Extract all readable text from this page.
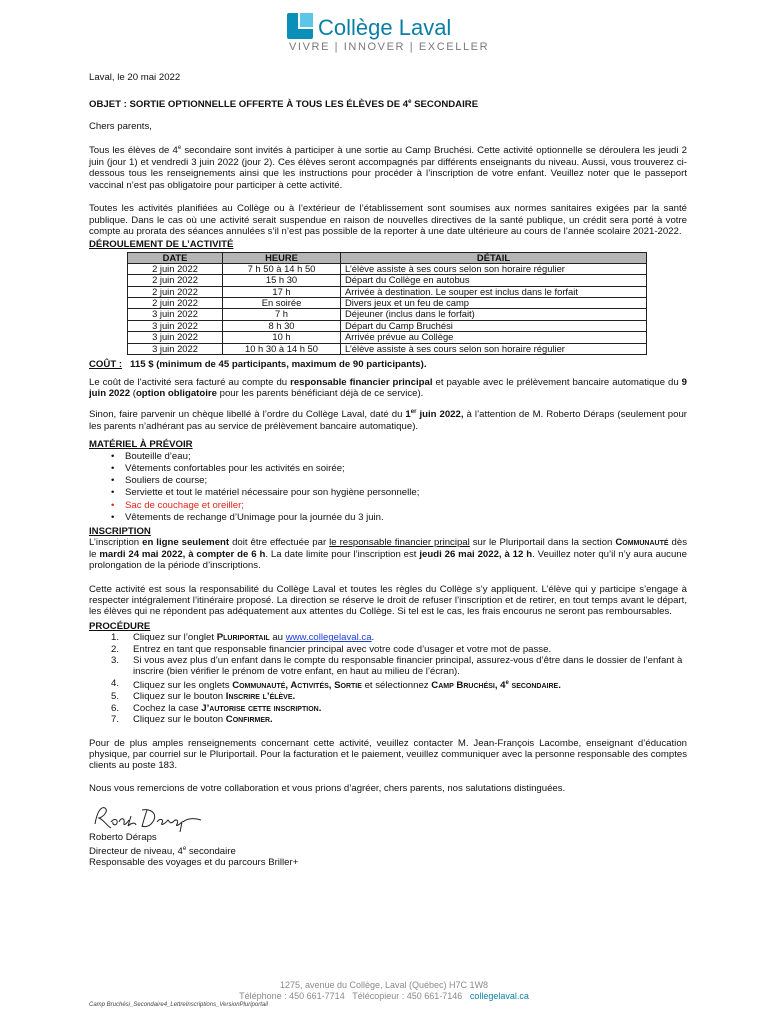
Collège Laval
VIVRE | INNOVER | EXCELLER

Laval, le 20 mai 2022

OBJET : SORTIE OPTIONNELLE OFFERTE À TOUS LES ÉLÈVES DE 4e SECONDAIRE

Chers parents,

Tous les élèves de 4e secondaire sont invités à participer à une sortie au Camp Bruchési. Cette activité optionnelle se déroulera les jeudi 2 juin (jour 1) et vendredi 3 juin 2022 (jour 2). Ces élèves seront accompagnés par différents enseignants du niveau. Aussi, vous trouverez ci-dessous tous les renseignements ainsi que les instructions pour procéder à l’inscription de votre enfant. Veuillez noter que le passeport vaccinal n’est pas obligatoire pour participer à cette activité.

Toutes les activités planifiées au Collège ou à l’extérieur de l’établissement sont soumises aux normes sanitaires exigées par la santé publique. Dans le cas où une activité serait suspendue en raison de nouvelles directives de la santé publique, un crédit sera porté à votre compte au prorata des séances annulées s’il n’est pas possible de la reporter à une date ultérieure au cours de l’année scolaire 2021-2022.

DÉROULEMENT DE L’ACTIVITÉ

DATE	HEURE	DÉTAIL
2 juin 2022	7 h 50 à 14 h 50	L’élève assiste à ses cours selon son horaire régulier
2 juin 2022	15 h 30	Départ du Collège en autobus
2 juin 2022	17 h	Arrivée à destination. Le souper est inclus dans le forfait
2 juin 2022	En soirée	Divers jeux et un feu de camp
3 juin 2022	7 h	Déjeuner (inclus dans le forfait)
3 juin 2022	8 h 30	Départ du Camp Bruchési
3 juin 2022	10 h	Arrivée prévue au Collège
3 juin 2022	10 h 30 à 14 h 50	L’élève assiste à ses cours selon son horaire régulier

COÛT : 115 $ (minimum de 45 participants, maximum de 90 participants).

Le coût de l’activité sera facturé au compte du responsable financier principal et payable avec le prélèvement bancaire automatique du 9 juin 2022 (option obligatoire pour les parents bénéficiant déjà de ce service).

Sinon, faire parvenir un chèque libellé à l’ordre du Collège Laval, daté du 1er juin 2022, à l’attention de M. Roberto Déraps (seulement pour les parents n’adhérant pas au service de prélèvement bancaire automatique).

MATÉRIEL À PRÉVOIR

• Bouteille d’eau;
• Vêtements confortables pour les activités en soirée;
• Souliers de course;
• Serviette et tout le matériel nécessaire pour son hygiène personnelle;
• Sac de couchage et oreiller;
• Vêtements de rechange d’Unimage pour la journée du 3 juin.

INSCRIPTION

L’inscription en ligne seulement doit être effectuée par le responsable financier principal sur le Pluriportail dans la section Communauté dès le mardi 24 mai 2022, à compter de 6 h. La date limite pour l’inscription est jeudi 26 mai 2022, à 12 h. Veuillez noter qu’il n’y aura aucune prolongation de la période d’inscriptions.

Cette activité est sous la responsabilité du Collège Laval et toutes les règles du Collège s’y appliquent. L’élève qui y participe s’engage à respecter intégralement l’itinéraire proposé. La direction se réserve le droit de refuser l’inscription et de retirer, en tout temps avant le départ, les élèves qui ne répondent pas adéquatement aux attentes du Collège. Si tel est le cas, les frais encourus ne seront pas remboursables.

PROCÉDURE

1. Cliquez sur l’onglet Pluriportail au www.collegelaval.ca.
2. Entrez en tant que responsable financier principal avec votre code d’usager et votre mot de passe.
3. Si vous avez plus d’un enfant dans le compte du responsable financier principal, assurez-vous d’être dans le dossier de l’enfant à inscrire (bien vérifier le prénom de votre enfant, en haut au milieu de l’écran).
4. Cliquez sur les onglets Communauté, Activités, Sortie et sélectionnez Camp Bruchési, 4e secondaire.
5. Cliquez sur le bouton Inscrire l’élève.
6. Cochez la case J’autorise cette inscription.
7. Cliquez sur le bouton Confirmer.

Pour de plus amples renseignements concernant cette activité, veuillez contacter M. Jean-François Lacombe, enseignant d’éducation physique, par courriel sur le Pluriportail. Pour la facturation et le paiement, veuillez communiquer avec la personne responsable des comptes clients au poste 183.

Nous vous remercions de votre collaboration et vous prions d’agréer, chers parents, nos salutations distinguées.

Roberto Déraps

Directeur de niveau, 4e secondaire

Responsable des voyages et du parcours Briller+

1275, avenue du Collège, Laval (Québec) H7C 1W8
Téléphone : 450 661-7714 Télécopieur : 450 661-7146 collegelaval.ca
Camp Bruchési_Secondaire4_LettreInscriptions_VersionPluriportail
